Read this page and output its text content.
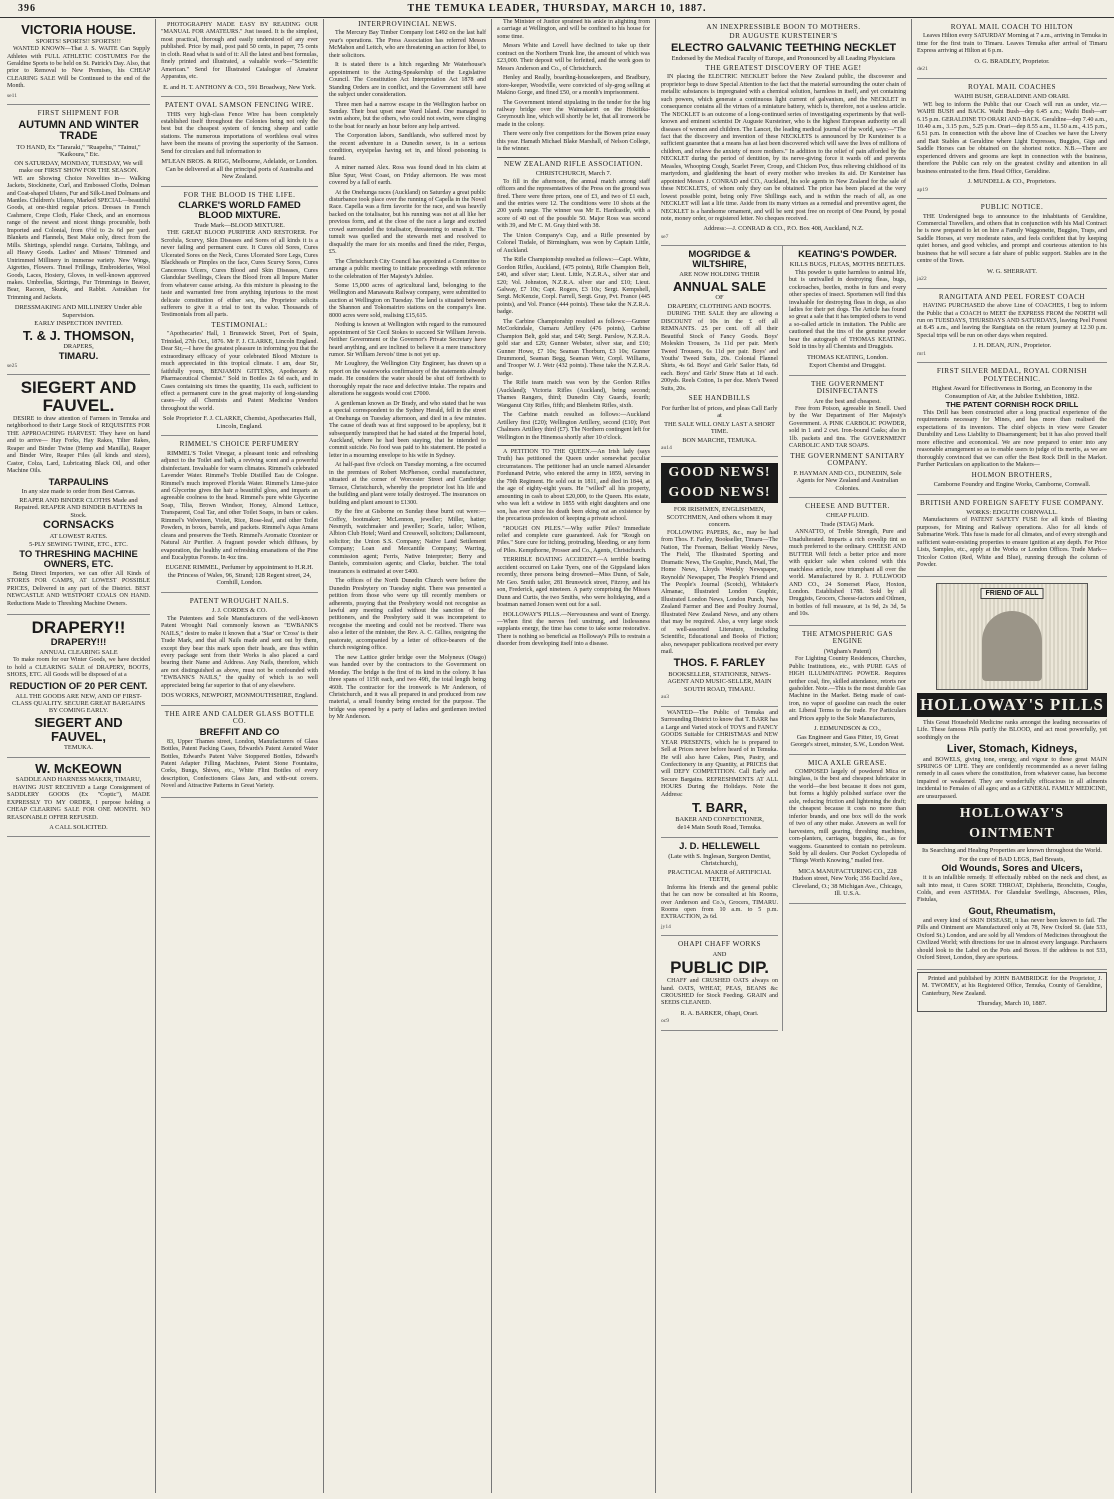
396	THE TEMUKA LEADER, THURSDAY, MARCH 10, 1887.
VICTORIA HOUSE.
SPORTS! SPORTS!! SPORTS!!!

WANTED KNOWN—That J. S. WAITE Can Supply Athletes with FULL ATHLETIC COSTUMES For the Geraldine Sports to be held on St. Patrick's Day. Also, that prior to Removal to New Premises, his CHEAP CLEARING SALE Will be Continued to the end of the Month.

se11
FIRST SHIPMENT FOR
AUTUMN AND WINTER TRADE
TO HAND, Ex "Tararaki," "Ruapehu," "Tainui," "Kaikoura," Etc.
ON SATURDAY, MONDAY, TUESDAY, We will make our FIRST SHOW FOR THE SEASON.

WE are Showing Choice Novelties in— Walking Jackets, Stockinette, Curl, and Embossed Cloths, Dolman and Coat-shaped Ulsters, Fur and Silk-Lined Dolmans and Mantles. Children's Ulsters, Marked SPECIAL—beautiful Goods, at one-third regular prices. Dresses in French Cashmere, Crepe Cloth, Flake Check, and an enormous range of the newest and nicest things procurable, both Imported and Colonial, from 6½d to 2s 6d per yard. Blankets and Flannels, Best Make only, direct from the Mills. Shirtings, splendid range. Curtains, Tablings, and all Heavy Goods. Ladies' and Misses' Trimmed and Untrimmed Millinery in immense variety. New Wings, Aigrettes, Flowers. Tinsel Frillings, Embroideries, Wool Goods, Laces, Hosiery, Gloves, in well-known approved makes. Umbrellas, Skirtings, Fur Trimmings in Beaver, Bear, Racoon, Skunk, and Rabbit. Astrakhan for Trimming and Jackets.

DRESSMAKING AND MILLINERY Under able Supervision.
EARLY INSPECTION INVITED.
T. & J. THOMSON,
DRAPERS,
TIMARU.
se25
SIEGERT AND FAUVEL.

DESIRE to draw attention of Farmers in Temuka and neighborhood to their Large Stock of REQUISITES FOR THE APPROACHING HARVEST. They have on hand and to arrive— Hay Forks, Hay Rakes, Tilter Rakes, Reaper and Binder Twine (Hemp and Manilla), Reaper and Binder Wire, Reaper Files (all kinds and sizes), Castor, Colza, Lard, Lubricating Black Oil, and other Machine Oils.

TARPAULINS
In any size made to order from Best Canvas.
REAPER AND BINDER CLOTHS Made and Repaired. REAPER AND BINDER BATTENS In Stock.
CORNSACKS
AT LOWEST RATES.
5-PLY SEWING TWINE, ETC., ETC.
TO THRESHING MACHINE OWNERS, ETC.

Being Direct Importers, we can offer All Kinds of STORES FOR CAMPS, AT LOWEST POSSIBLE PRICES, Delivered in any part of the District. BEST NEWCASTLE AND WESTPORT COALS ON HAND. Reductions Made to Threshing Machine Owners.

DRAPERY!!
DRAPERY!!!
ANNUAL CLEARING SALE

To make room for our Winter Goods, we have decided to hold a CLEARING SALE of DRAPERY, BOOTS, SHOES, ETC. All Goods will be disposed of at a

REDUCTION OF 20 PER CENT.
ALL THE GOODS ARE NEW, AND OF FIRST-CLASS QUALITY. SECURE GREAT BARGAINS BY COMING EARLY.
SIEGERT AND FAUVEL,
TEMUKA.
W. McKEOWN
SADDLE AND HARNESS MAKER, TIMARU,

HAVING JUST RECEIVED a Large Consignment of SADDLERY GOODS (Ex "Coptic"), MADE EXPRESSLY TO MY ORDER, I purpose holding a CHEAP CLEARING SALE FOR ONE MONTH. NO REASONABLE OFFER REFUSED.

A CALL SOLICITED.

PHOTOGRAPHY MADE EASY BY READING OUR "MANUAL FOR AMATEURS." Just issued. It is the simplest, most practical, thorough and easily understood of any ever published. Price by mail, post paid 50 cents, in paper, 75 cents in cloth. Read what is said of it: All the latest and best formulas, finely printed and illustrated, a valuable work—"Scientific American." Send for Illustrated Catalogue of Amateur Apparatus, etc.

E. and H. T. ANTHONY & CO., 591 Broadway, New York.
PATENT OVAL SAMSON FENCING WIRE.

THIS very high-class Fence Wire has been completely established itself throughout the Colonies being not only the best but the cheapest system of fencing sheep and cattle stations. The numerous importations of worthless oval wires have been the means of proving the superiority of the Samson. Send for circulars and full information to

M'LEAN BROS. & RIGG, Melbourne, Adelaide, or London. Can be delivered at all the principal ports of Australia and New Zealand.
FOR THE BLOOD IS THE LIFE.
CLARKE'S WORLD FAMED BLOOD MIXTURE.
Trade Mark—BLOOD MIXTURE.

THE GREAT BLOOD PURIFIER AND RESTORER. For Scrofula, Scurvy, Skin Diseases and Sores of all kinds it is a never failing and permanent cure. It Cures old Sores, Cures Ulcerated Sores on the Neck, Cures Ulcerated Sore Legs, Cures Blackheads or Pimples on the face, Cures Scurvy Sores, Cures Cancerous Ulcers, Cures Blood and Skin Diseases, Cures Glandular Swellings, Clears the Blood from all Impure Matter from whatever cause arising. As this mixture is pleasing to the taste and warranted free from anything injurious to the most delicate constitution of either sex, the Proprietor solicits sufferers to give it a trial to test its value. Thousands of Testimonials from all parts.

TESTIMONIAL:

"Apothecaries' Hall, 1 Brunswick Street, Port of Spain, Trinidad, 27th Oct., 1876. Mr F. J. CLARKE, Lincoln England. Dear Sir,—I have the greatest pleasure in informing you that the extraordinary efficacy of your celebrated Blood Mixture is much appreciated in this tropical climate. I am, dear Sir, faithfully yours, BENJAMIN GITTENS, Apothecary & Pharmaceutical Chemist." Sold in Bottles 2s 6d each, and in Cases containing six times the quantity, 11s each, sufficient to effect a permanent cure in the great majority of long-standing cases—by all Chemists and Patent Medicine Vendors throughout the world.

Sole Proprietor F. J. CLARKE, Chemist, Apothecaries Hall, Lincoln, England.
RIMMEL'S CHOICE PERFUMERY

RIMMEL'S Toilet Vinegar, a pleasant tonic and refreshing adjunct to the Toilet and bath, a reviving scent and a powerful disinfectant. Invaluable for warm climates. Rimmel's celebrated Lavender Water. Rimmel's Treble Distilled Eau de Cologne. Rimmel's much improved Florida Water. Rimmel's Lime-juice and Glycerine gives the hair a beautiful gloss, and imparts an agreeable coolness to the head. Rimmel's pure white Glycerine Soap, Tilia, Brown Windsor, Honey, Almond Lettuce, Transparent, Coal Tar, and other Toilet Soaps, in bars or cakes. Rimmel's Velveteen, Violet, Rice, Rose-leaf, and other Toilet Powders, in boxes, barrels, and packets. Rimmel's Aqua Amara cleans and preserves the Teeth. Rimmel's Aromatic Ozonizer or Natural Air Purifier. A fragrant powder which diffuses, by evaporation, the healthy and refreshing emanations of the Pine and Eucalyptus Forests. In 4oz tins.

EUGENE RIMMEL, Perfumer by appointment to H.R.H. the Princess of Wales, 96, Strand; 128 Regent street, 24, Cornhill, London.
PATENT WROUGHT NAILS.
J. J. CORDES & CO.

The Patentees and Sole Manufacturers of the well-known Patent Wrought Nail commonly known as "EWBANK'S NAILS," desire to make it known that a 'Star' or 'Cross' is their Trade Mark, and that all Nails made and sent out by them, except they bear this mark upon their heads, are thus within every package sent from their Works is also placed a card bearing their Name and Address. Any Nails, therefore, which are not distinguished as above, must not be confounded with "EWBANK'S NAILS," the quality of which is so well appreciated being far superior to that of any elsewhere.

DOS WORKS, NEWPORT, MONMOUTHSHIRE, England.
THE AIRE AND CALDER GLASS BOTTLE CO.
BREFFIT AND CO

83, Upper Thames street, London, Manufacturers of Glass Bottles, Patent Packing Cases, Edwards's Patent Aerated Water Bottles, Edward's Patent Valve Stoppered Bottles, Edward's Patent Adapter Filling Machines, Patent Stone Fountains, Corks, Bungs, Shives, etc., White Flint Bottles of every description, Confectioners Glass Jars, and with-out covers. Novel and Attractive Patterns in Great Variety.

INTERPROVINCIAL NEWS.

The Mercury Bay Timber Company lost £492 on the last half year's operations. The Press Association has referred Messrs McMahon and Leitch, who are threatening an action for libel, to their solicitors.

It is stated there is a hitch regarding Mr Waterhouse's appointment to the Acting-Speakership of the Legislative Council. The Constitution Act Interpretation Act 1878 and Standing Orders are in conflict, and the Government still have the subject under consideration.

Three men had a narrow escape in the Wellington harbor on Sunday. Their boat upset near Ward Island. One managed to swim ashore, but the others, who could not swim, were clinging to the boat for nearly an hour before any help arrived.

The Corporation labors, Sandilands, who suffered most by the recent adventure in a Dunedin sewer, is in a serious condition, erysipelas having set in, and blood poisoning is feared.

A miner named Alex. Ross was found dead in his claim at Blue Spur, West Coast, on Friday afternoon. He was most covered by a fall of earth.

At the Onehunga races (Auckland) on Saturday a great public disturbance took place over the running of Capella in the Novel Race. Capella was a firm favorite for the race, and was heavily backed on the totalisator, but his running was not at all like her previous form, and at the close of the race a large and excited crowd surrounded the totalisator, threatening to smash it. The tumult was quelled and the stewards met and resolved to disqualify the mare for six months and fined the rider, Fergus, £5.

The Christchurch City Council has appointed a Committee to arrange a public meeting to initiate proceedings with reference to the celebration of Her Majesty's Jubilee.

Some 15,000 acres of agricultural land, belonging to the Wellington and Manawatu Railway company, were submitted to auction at Wellington on Tuesday. The land is situated between the Shannon and Tokomairiro stations on the company's line. 8000 acres were sold, realising £15,615.

Nothing is known at Wellington with regard to the rumoured appointment of Sir Cecil Stokes to succeed Sir William Jervois. Neither Government or the Governor's Private Secretary have heard anything, and are inclined to believe it a mere transcitory rumor. Sir William Jervois' time is not yet up.

Mr Loughrey, the Wellington City Engineer, has drawn up a report on the waterworks confirmatory of the statements already made. He considers the water should be shut off forthwith to thoroughly repair the race and defective intake. The repairs and alterations he suggests would cost £7000.

A gentleman known as Dr Brady, and who stated that he was a special correspondent to the Sydney Herald, fell in the street at Onehunga on Tuesday afternoon, and died in a few minutes. The cause of death was at first supposed to be apoplexy, but it subsequently transpired that he had stated at the Imperial hotel, Auckland, where he had been staying, that he intended to commit suicide. No food was paid to his statement. He posted a letter in a mourning envelope to his wife in Sydney.

At half-past five o'clock on Tuesday morning, a fire occurred in the premises of Robert McPherson, cordial manufacturer, situated at the corner of Worcester Street and Cambridge Terrace, Christchurch, whereby the proprietor lost his life and the building and plant were totally destroyed. The insurances on building and plant amount to £1300.

By the fire at Gisborne on Sunday these burnt out were:—Coffey, bootmaker; McLennon, jeweller; Miller, hatter; Nesmyth, watchmaker and jeweller; Scarle, tailor; Wilson, Albion Club Hotel; Ward and Cresswell, solicitors; Dallamount, solicitor; the Union S.S. Company; Native Land Settlement Company; Loan and Mercantile Company; Warring, commission agent; Ferris, Native Interpreter; Berry and Daniels, commission agents; and Clarke, butcher. The total insurances is estimated at over £400.

The offices of the North Dunedin Church were before the Dunedin Presbytery on Tuesday night. There was presented a petition from those who were up till recently members or adherents, praying that the Presbytery would not recognise as lawful any meeting called without the sanction of the petitioners, and the Presbytery said it was incompetent to recognise the meeting and could not be received. There was also a letter of the minister, the Rev. A. C. Gillies, resigning the pastorate, accompanied by a letter of office-bearers of the church resigning office.

The new Lattice girder bridge over the Molyneux (Otago) was handed over by the contractors to the Government on Monday. The bridge is the first of its kind in the colony. It has three spans of 115ft each, and two 49ft, the total length being 460ft. The contractor for the ironwork is Mr Anderson, of Christchurch, and it was all prepared in and produced from raw material, a small foundry being erected for the purpose. The bridge was opened by a party of ladies and gentlemen invited by Mr Anderson.

The Minister of Justice sprained his ankle in alighting from a carriage at Wellington, and will be confined to his house for some time.

Messrs White and Lovell have declined to take up their contract on the Northern Trunk line, the amount of which was £23,000. Their deposit will be forfeited, and the work goes to Messrs Anderson and Co., of Christchurch.

Henley and Really, boarding-housekeepers, and Bradbury, store-keeper, Woodville, were convicted of sly-grog selling at Makino Gorge, and fined £50, or a month's imprisonment.

The Government intend stipulating in the tender for the big railway bridge over the Waimakariri on the Hokitika-Greymouth line, which will shortly be let, that all ironwork be made in the colony.

There were only five competitors for the Bowen prize essay this year. Hamath Michael Blake Marshall, of Nelson College, is the winner.

NEW ZEALAND RIFLE ASSOCIATION.
CHRISTCHURCH, March 7.

To fill in the afternoon, the annual match among staff officers and the representatives of the Press on the ground was fired. There were three prizes, one of £3, and two of £1 each, and the entries were 12. The conditions were 10 shots at the 200 yards range. The winner was Mr E. Hardcastle, with a score of 40 out of the possible 50. Major Ross was second with 39, and Mr C. M. Gray third with 38.

The Union Company's Cup, and a Rifle presented by Colonel Tisdale, of Birmingham, was won by Captain Little, of Auckland.

The Rifle Championship resulted as follows:—Capt. White, Gordon Rifles, Auckland, (475 points), Rifle Champion Belt, £40, and silver star; Lieut. Little, N.Z.R.A., silver star and £20; Vol. Johnston, N.Z.R.A. silver star and £10; Lieut. Galway, £7 10s; Capt. Rogers, £3 10s; Sergt. Kempshell, Sergt. McKenzie, Corpl. Farrell, Sergt. Gray, Pvt. France (445 points), and Vol. France (444 points). These take the N.Z.R.A. badge.

The Carbine Championship resulted as follows:—Gunner McCorkindale, Oamaru Artillery (476 points), Carbine Champion Belt, gold star, and £40; Sergt. Parslow, N.Z.R.A. gold star and £20; Gunner Webster, silver star, and £10; Gunner Howe, £7 10s; Seaman Thorburn, £3 10s; Gunner Drummond, Seaman Begg, Seaman Weir, Corpl. Williams, and Trooper W. J. Weir (432 points). These take the N.Z.R.A. badge.

The Rifle team match was won by the Gordon Rifles (Auckland); Victoria Rifles (Auckland), being second; Thames Rangers, third; Dunedin City Guards, fourth; Wanganui City Rifles, fifth; and Blenheim Rifles, sixth.

The Carbine match resulted as follows:—Auckland Artillery first (£20); Wellington Artillery, second (£10); Port Chalmers Artillery third (£7). The Northern contingent left for Wellington in the Hinemoa shortly after 10 o'clock.

A PETITION TO THE QUEEN.—An Irish lady (says Truth) has petitioned the Queen under somewhat peculiar circumstances. The petitioner had an uncle named Alexander Fordunand Petrie, who entered the army in 1859, serving in the 79th Regiment. He sold out in 1811, and died in 1844, at the age of eighty-eight years. He "willed" all his property, amounting in cash to about £20,000, to the Queen. His estate, who was left a widow in 1855 with eight daughters and one son, has ever since his death been eking out an existence by the precarious profession of keeping a private school.

"ROUGH ON PILES."—Why suffer Piles? Immediate relief and complete cure guaranteed. Ask for "Rough on Piles." Sure cure for itching, protruding, bleeding, or any form of Piles. Kempthorne, Prosser and Co., Agents, Christchurch.

TERRIBLE BOATING ACCIDENT.—A terrible boating accident occurred on Lake Tyers, one of the Gippsland lakes recently, three persons being drowned—Miss Dunn, of Sale, Mr Geo. Smith tailor, 281 Brunswick street, Fitzroy, and his son, Frederick, aged nineteen. A party comprising the Misses Dunn and Curtis, the two Smiths, who were holidaying, and a boatman named Jonsen went out for a sail.

HOLLOWAY'S PILLS.—Nervousness and want of Energy.—When first the nerves feel unstrung, and listlessness supplants energy, the time has come to take some restorative. There is nothing so beneficial as Holloway's Pills to restrain a disorder from developing itself into a disease.

AN INEXPRESSIBLE BOON TO MOTHERS.
DR AUGUSTE KURSTEINER'S
ELECTRO GALVANIC TEETHING NECKLET
Endorsed by the Medical Faculty of Europe, and Pronounced by all Leading Physicians
THE GREATEST DISCOVERY OF THE AGE!

IN placing the ELECTRIC NECKLET before the New Zealand public, the discoverer and proprietor begs to draw Special Attention to the fact that the material surrounding the outer chain of metallic substances is impregnated with a chemical solution, harmless in itself, and yet containing such powers, which generate a continuous light current of galvanism, and the NECKLET in consequence contains all the virtues of a miniature battery, which is, therefore, not a useless article. The NECKLET is an outcome of a long-continued series of investigating experiments by that well-known and eminent scientist Dr Auguste Kursteiner, who is the highest European authority on all diseases of women and children. The Lancet, the leading medical journal of the world, says:—"The fact that the discovery and invention of these NECKLETS is announced by Dr Kursteiner is a sufficient guarantee that a means has at last been discovered which will save the lives of millions of children, and relieve the anxiety of more mothers." In addition to the relief of pain afforded by the NECKLET during the period of dentition, by its nerve-giving force it wards off and prevents Measles, Whooping Cough, Scarlet Fever, Croup, and Chicken Pox, thus relieving childhood of its martyrdom, and gladdening the heart of every mother who invokes its aid. Dr Kursteiner has appointed Messrs J. CONRAD and CO., Auckland, his sole agents in New Zealand for the sale of these NECKLETS, of whom only they can be obtained. The price has been placed at the very lowest possible point, being only Five Shillings each, and is within the reach of all, as one NECKLET will last a life time. Aside from its many virtues as a remedial and preventive agent, the NECKLET is a handsome ornament, and will be sent post free on receipt of One Pound, by postal note, money order, or registered letter. No cheques received.

Address:—J. CONRAD & CO., P.O. Box 408, Auckland, N.Z.
se7
MOGRIDGE & WILTSHIRE,
ARE NOW HOLDING THEIR
ANNUAL SALE
OF
DRAPERY, CLOTHING AND BOOTS.

DURING THE SALE they are allowing a DISCOUNT of 10s in the £ off all REMNANTS. 25 per cent. off all their Beautiful Stock of Fancy Goods. Boys' Moleskin Trousers, 3s 11d per pair. Men's Tweed Trousers, 6s 11d per pair. Boys' and Youths' Tweed Suits, 20s. Colonial Flannel Shirts, 4s 6d. Boys' and Girls' Sailor Hats, 6d each. Boys' and Girls' Straw Hats at 1d each. 200yds. Reels Cotton, 1s per doz. Men's Tweed Suits, 20s.

SEE HANDBILLS
For further list of prices, and pleas Call Early at
THE SALE WILL ONLY LAST A SHORT TIME.
BON MARCHE, TEMUKA.
au14
GOOD NEWS! GOOD NEWS!
FOR IRISHMEN, ENGLISHMEN, SCOTCHMEN, And others whom it may concern.

FOLLOWING PAPERS, &c., may be had from Thos. F. Farley, Bookseller, Timaru—The Nation, The Freeman, Belfast Weekly News, The Field, The Illustrated Sporting and Dramatic News, The Graphic, Punch, Mail, The Home News, Lloyds Weekly Newspaper, Reynolds' Newspaper, The People's Friend and The People's Journal (Scotch), Whitaker's Almanac, Illustrated London Graphic, Illustrated London News, London Punch, New Zealand Farmer and Bee and Poultry Journal, Illustrated New Zealand News, and any others that may be required. Also, a very large stock of well-assorted Literature, including Scientific, Educational and Books of Fiction; also, newspaper publications received per every mail.

THOS. F. FARLEY
BOOKSELLER, STATIONER, NEWS-AGENT AND MUSIC-SELLER, MAIN SOUTH ROAD, TIMARU.
au3

WANTED—The Public of Temuka and Surrounding District to know that T. BARR has a Large and Varied stock of TOYS and FANCY GOODS Suitable for CHRISTMAS and NEW YEAR PRESENTS, which he is prepared to Sell at Prices never before heard of in Temuka. He will also have Cakes, Pies, Pastry, and Confectionery in any Quantity, at PRICES that will DEFY COMPETITION. Call Early and Secure Bargains. REFRESHMENTS AT ALL HOURS During the Holidays. Note the Address:

T. BARR,
BAKER AND CONFECTIONER,
de14 Main South Road, Temuka.
J. D. HELLEWELL
(Late with S. Inglesan, Surgeon Dentist, Christchurch),
PRACTICAL MAKER of ARTIFICIAL TEETH,

Informs his friends and the general public that he can now be consulted at his Rooms, over Anderson and Co.'s, Grocers, TIMARU. Rooms open from 10 a.m. to 5 p.m. EXTRACTION, 2s 6d.

jy14
OHAPI CHAFF WORKS
AND
PUBLIC DIP.

CHAFF and CRUSHED OATS always on hand. OATS, WHEAT, PEAS, BEANS &c CROUSHED for Stock Feeding. GRAIN and SEEDS CLEANED.

R. A. BARKER, Ohapi, Orari.
oc9
KEATING'S POWDER.
KILLS BUGS, FLEAS, MOTHS BEETLES.

This powder is quite harmless to animal life, but is unrivalled in destroying fleas, bugs, cockroaches, beetles, moths in furs and every other species of insect. Sportsmen will find this invaluable for destroying fleas in dogs, as also ladies for their pet dogs. The Article has found so great a sale that it has tempted others to vend a so-called article in imitation. The Public are cautioned that the tins of the genuine powder bear the autograph of THOMAS KEATING. Sold in tins by all Chemists and Druggists.

THOMAS KEATING, London.
Export Chemist and Druggist.
THE GOVERNMENT DISINFECTANTS
Are the best and cheapest.

Free from Poison, agreeable in Smell. Used by the War Department of Her Majesty's Government. A PINK CARBOLIC POWDER, sold in 1 and 2 cwt. Iron-bound Casks; also in 1lb. packets and tins. The GOVERNMENT CARBOLIC AND TAR SOAPS.

THE GOVERNMENT SANITARY COMPANY.
P. HAYMAN AND CO., DUNEDIN, Sole Agents for New Zealand and Australian Colonies.
CHEESE AND BUTTER.
CHEAP FLUID.
Trade (STAG) Mark.

ANNATTO, of Treble Strength, Pure and Unadulterated. Imparts a rich cowslip tint so much preferred to the ordinary. CHEESE AND BUTTER Will fetch a better price and more with quicker sale when colored with this matchless article, now triumphant all over the world. Manufactured by R. J. FULLWOOD AND CO., 24 Somerset Place, Hoxton, London. Established 1788. Sold by all Druggists, Grocers, Cheese-factors and Oilmen, in bottles of full measure, at 1s 9d, 2s 3d, 5s and 10s.

THE ATMOSPHERIC GAS ENGINE
(Wigham's Patent)

For Lighting Country Residences, Churches, Public Institutions, etc., with PURE GAS of HIGH ILLUMINATING POWER. Requires neither coal, fire, skilled attendance, retorts nor gasholder. Note.—This is the most durable Gas Machine in the Market. Being made of cast-iron, no vapor of gasoline can reach the outer air. Liberal Terms to the trade. For Particulars and Prices apply to the Sole Manufacturers,

J. EDMUNDSON & CO.,
Gas Engineer and Gass Fitter, 19, Great George's street, minster, S.W., London West.
MICA AXLE GREASE.

COMPOSED largely of powdered Mica or Isinglass, is the best and cheapest lubricator in the world—the best because it does not gum, but forms a highly polished surface over the axle, reducing friction and lightening the draft; the cheapest because it costs no more than inferior brands, and one box will do the work of two of any other make. Answers as well for harvesters, mill gearing, threshing machines, corn-planters, carriages, buggies, &c., as for waggons. Guaranteed to contain no petroleum. Sold by all dealers. Our Pocket Cyclopedia of "Things Worth Knowing," mailed free.

MICA MANUFACTURING CO., 228 Hudson street, New York; 356 Euclid Ave., Cleveland, O.; 38 Michigan Ave., Chicago, Ill. U.S.A.
ROYAL MAIL COACH TO HILTON

Leaves Hilton every SATURDAY Morning at 7 a.m., arriving in Temuka in time for the first train to Timaru. Leaves Temuka after arrival of Timaru Express arriving at Hilton at 6 p.m.

O. G. BRADLEY, Proprietor.
de21
ROYAL MAIL COACHES
WAIHI BUSH, GERALDINE AND ORARI.

WE beg to inform the Public that our Coach will run as under, viz.—WAIHI BUSH and BACK. Waihi Bush—dep 6.45 a.m.; Waihi Bush—arr 6.15 p.m. GERALDINE TO ORARI AND BACK. Geraldine—dep 7.40 a.m., 10.40 a.m., 3.15 p.m., 5.25 p.m. Orari—dep 8.55 a.m., 11.50 a.m., 4.15 p.m., 6.51 p.m. In connection with the above line of Coaches we have the Livery and Bait Stables at Geraldine where Light Expresses, Buggies, Gigs and Saddle Horses can be obtained on the shortest notice. N.B.—There are experienced drivers and grooms are kept in connection with the business, therefore the Public can rely on the greatest civility and attention in all business entrusted to the firm. Head Office, Geraldine.

J. MUNDELL & CO., Proprietors.
ap19
PUBLIC NOTICE.

THE Undersigned begs to announce to the inhabitants of Geraldine, Commercial Travellers, and others that in conjunction with his Mail Contract he is now prepared to let on hire a Family Waggonette, Buggies, Traps, and Saddle Horses, at very moderate rates, and feels confident that by keeping quiet horses, and good vehicles, and prompt and courteous attention to his business that he will secure a fair share of public support. Stables are in the centre of the Town.

W. G. SHERRATT.
ja22
RANGITATA AND PEEL FOREST COACH

HAVING PURCHASED the above Line of COACHES, I beg to inform the Public that a COACH to MEET the EXPRESS FROM the NORTH will run on TUESDAYS, THURSDAYS AND SATURDAYS, leaving Peel Forest at 8.45 a.m., and leaving the Rangitata on the return journey at 12.30 p.m. Special trips will be run on other days when required.

J. H. DEAN, JUN., Proprietor.
mr1
FIRST SILVER MEDAL, ROYAL CORNISH POLYTECHNIC.
Highest Award for Effectiveness in Boring, an Economy in the Consumption of Air, at the Jubilee Exhibition, 1882.
THE PATENT CORNISH ROCK DRILL

This Drill has been constructed after a long practical experience of the requirements necessary for Mines, and has more than realised the expectations of its inventors. The chief objects in view were Greater Durability and Less Liability to Disarrangement; but it has also proved itself more effective and economical. We are now prepared to enter into any reasonable arrangement so as to enable users to judge of its merits, as we are thoroughly convinced that we can offer the Best Rock Drill in the Market. Further Particulars on application to the Makers—

HOLMON BROTHERS,
Camborne Foundry and Engine Works, Camborne, Cornwall.
BRITISH AND FOREIGN SAFETY FUSE COMPANY.
WORKS: EDGUTH CORNWALL.

Manufacturers of PATENT SAFETY FUSE for all kinds of Blasting purposes, for Mining and Railway operations. Also for all kinds of Submarine Work. This fuse is made for all climates, and of every strength and sufficient water-resisting properties to ensure ignition at any depth. For Price Lists, Samples, etc., apply at the Works or London Offices. Trade Mark—Tricolor Cotton (Red, White and Blue), running through the column of Powder.

FRIEND OF ALL
HOLLOWAY'S PILLS

This Great Household Medicine ranks amongst the leading necessaries of Life. These famous Pills purify the BLOOD, and act most powerfully, yet soothingly on the

Liver, Stomach, Kidneys,

and BOWELS, giving tone, energy, and vigour to these great MAIN SPRINGS OF LIFE. They are confidently recommended as a never failing remedy in all cases where the constitution, from whatever cause, has become impaired or weakened. They are wonderfully efficacious in all ailments incidental to Females of all ages; and as a GENERAL FAMILY MEDICINE, are unsurpassed.

HOLLOWAY'S OINTMENT
Its Searching and Healing Properties are known throughout the World.
For the cure of BAD LEGS, Bad Breasts,
Old Wounds, Sores and Ulcers,

it is an infallible remedy. If effectually rubbed on the neck and chest, as salt into meat, it Cures SORE THROAT, Diphtheria, Bronchitis, Coughs, Colds, and even ASTHMA. For Glandular Swellings, Abscesses, Piles, Fistulas,

Gout, Rheumatism,

and every kind of SKIN DISEASE, it has never been known to fail. The Pills and Ointment are Manufactured only at 78, New Oxford St. (late 533, Oxford St.) London, and are sold by all Vendors of Medicines throughout the Civilized World; with directions for use in almost every language. Purchasers should look to the Label on the Pots and Boxes. If the address is not 533, Oxford Street, London, they are spurious.

Printed and published by JOHN BAMBRIDGE for the Proprietor, J. M. TWOMEY, at his Registered Office, Temuka, County of Geraldine, Canterbury, New Zealand.

Thursday, March 10, 1887.
